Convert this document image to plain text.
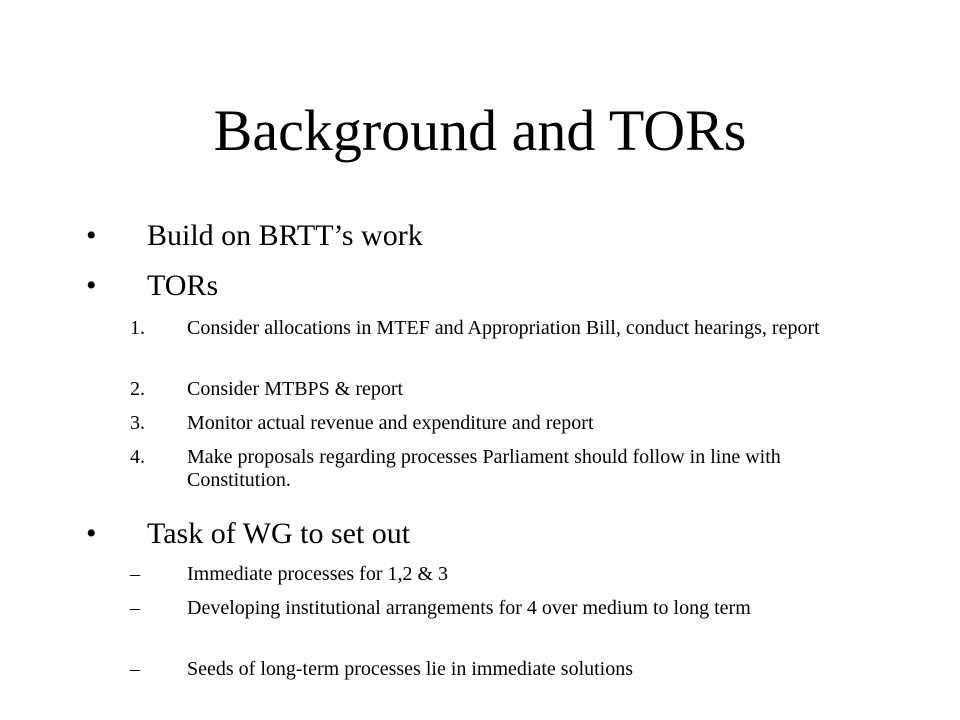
Background and TORs
• Build on BRTT’s work
• TORs
1. Consider allocations in MTEF and Appropriation Bill, conduct hearings, report
2. Consider MTBPS & report
3. Monitor actual revenue and expenditure and report
4. Make proposals regarding processes Parliament should follow in line with Constitution.
• Task of WG to set out
– Immediate processes for 1,2 & 3
– Developing institutional arrangements for 4 over medium to long term
– Seeds of long-term processes lie in immediate solutions
